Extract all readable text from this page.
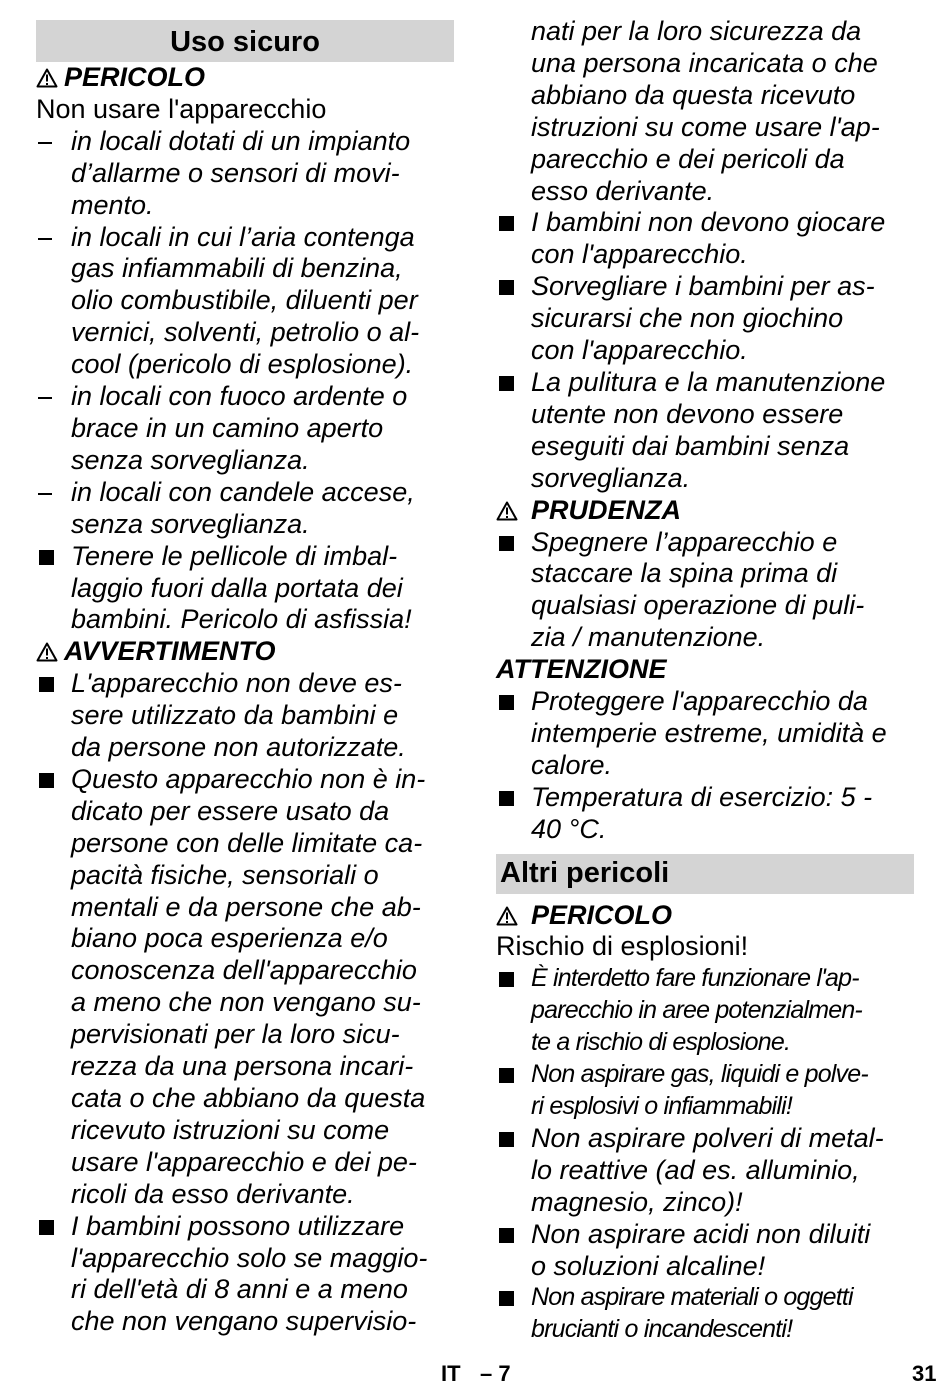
Uso sicuro
PERICOLO
Non usare l'apparecchio
in locali dotati di un impianto
d’allarme o sensori di movi-
mento.
in locali in cui l’aria contenga
gas infiammabili di benzina,
olio combustibile, diluenti per
vernici, solventi, petrolio o al-
cool (pericolo di esplosione).
in locali con fuoco ardente o
brace in un camino aperto
senza sorveglianza.
in locali con candele accese,
senza sorveglianza.
Tenere le pellicole di imbal-
laggio fuori dalla portata dei
bambini. Pericolo di asfissia!
AVVERTIMENTO
L'apparecchio non deve es-
sere utilizzato da bambini e
da persone non autorizzate.
Questo apparecchio non è in-
dicato per essere usato da
persone con delle limitate ca-
pacità fisiche, sensoriali o
mentali e da persone che ab-
biano poca esperienza e/o
conoscenza dell'apparecchio
a meno che non vengano su-
pervisionati per la loro sicu-
rezza da una persona incari-
cata o che abbiano da questa
ricevuto istruzioni su come
usare l'apparecchio e dei pe-
ricoli da esso derivante.
I bambini possono utilizzare
l'apparecchio solo se maggio-
ri dell'età di 8 anni e a meno
che non vengano supervisio-
nati per la loro sicurezza da
una persona incaricata o che
abbiano da questa ricevuto
istruzioni su come usare l'ap-
parecchio e dei pericoli da
esso derivante.
I bambini non devono giocare
con l'apparecchio.
Sorvegliare i bambini per as-
sicurarsi che non giochino
con l'apparecchio.
La pulitura e la manutenzione
utente non devono essere
eseguiti dai bambini senza
sorveglianza.
PRUDENZA
Spegnere l’apparecchio e
staccare la spina prima di
qualsiasi operazione di puli-
zia / manutenzione.
ATTENZIONE
Proteggere l'apparecchio da
intemperie estreme, umidità e
calore.
Temperatura di esercizio: 5 -
40 °C.
Altri pericoli
PERICOLO
Rischio di esplosioni!
È interdetto fare funzionare l'ap-
parecchio in aree potenzialmen-
te a rischio di esplosione.
Non aspirare gas, liquidi e polve-
ri esplosivi o infiammabili!
Non aspirare polveri di metal-
lo reattive (ad es. alluminio,
magnesio, zinco)!
Non aspirare acidi non diluiti
o soluzioni alcaline!
Non aspirare materiali o oggetti
brucianti o incandescenti!
IT – 7	31
